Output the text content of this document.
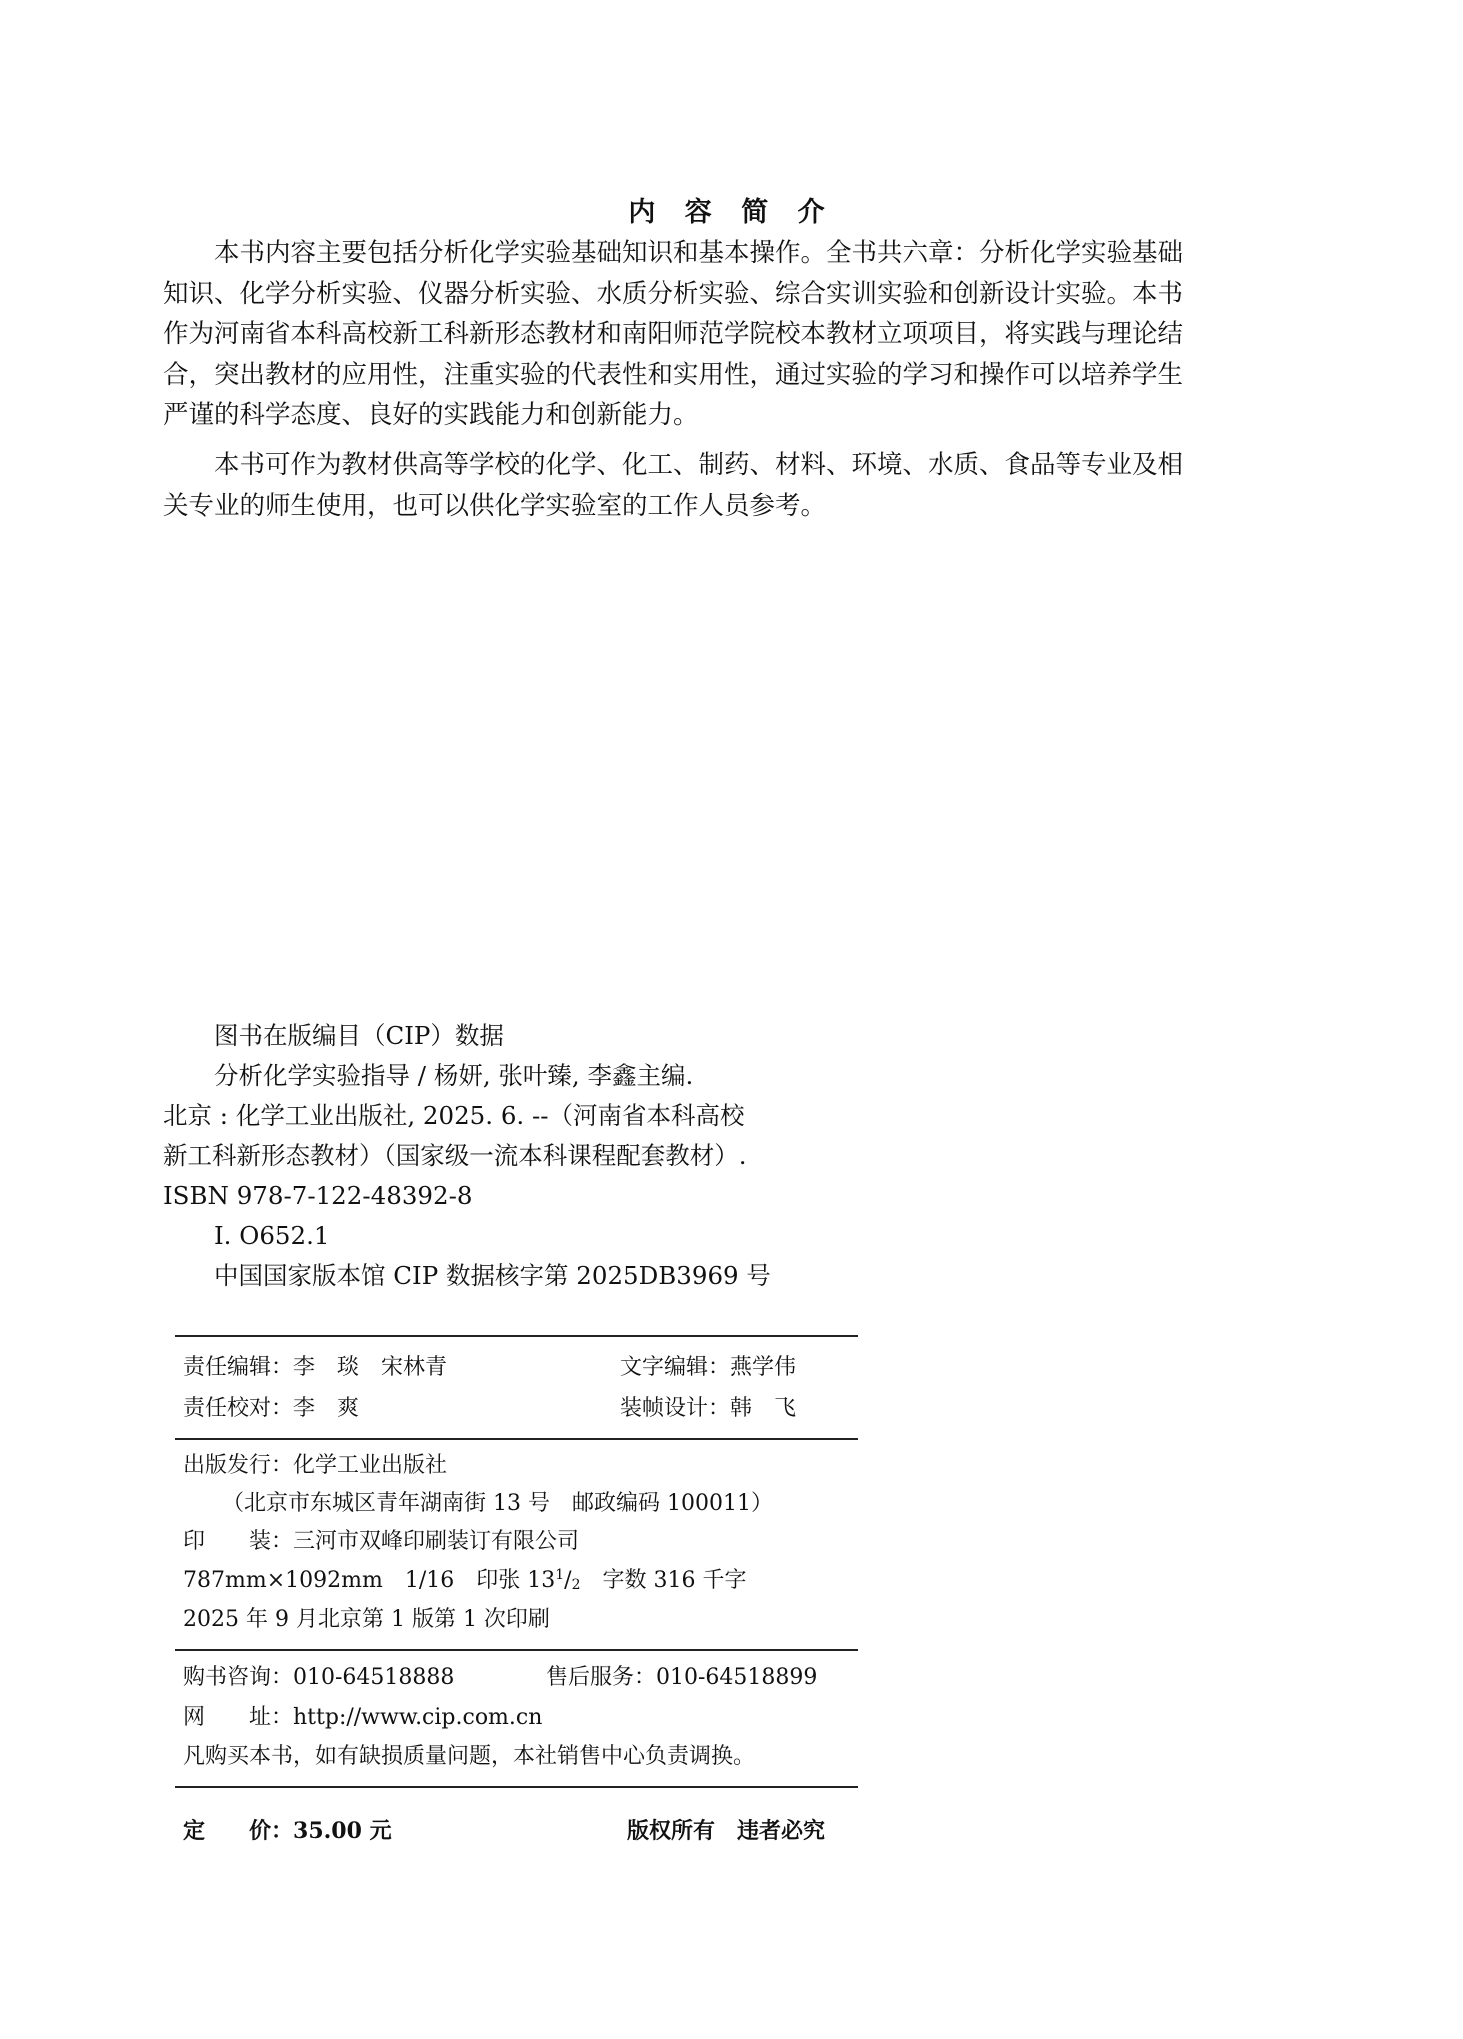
内 容 简 介
本书内容主要包括分析化学实验基础知识和基本操作。全书共六章：分析化学实验基础
知识、化学分析实验、仪器分析实验、水质分析实验、综合实训实验和创新设计实验。本书
作为河南省本科高校新工科新形态教材和南阳师范学院校本教材立项项目，将实践与理论结
合，突出教材的应用性，注重实验的代表性和实用性，通过实验的学习和操作可以培养学生
严谨的科学态度、良好的实践能力和创新能力。
本书可作为教材供高等学校的化学、化工、制药、材料、环境、水质、食品等专业及相
关专业的师生使用，也可以供化学实验室的工作人员参考。
图书在版编目（CIP）数据
分析化学实验指导 / 杨妍, 张叶臻, 李鑫主编.
北京 : 化学工业出版社, 2025. 6. --（河南省本科高校
新工科新形态教材）（国家级一流本科课程配套教材）.
ISBN 978-7-122-48392-8
Ⅰ. O652.1
中国国家版本馆 CIP 数据核字第 2025DB3969 号
责任编辑：李　琰　宋林青	文字编辑：燕学伟
责任校对：李　爽	装帧设计：韩　飞
出版发行：化学工业出版社
（北京市东城区青年湖南街 13 号　邮政编码 100011）
印　　装：三河市双峰印刷装订有限公司
787mm×1092mm　1/16　印张 $13^1/_2$　字数 316 千字
2025 年 9 月北京第 1 版第 1 次印刷
购书咨询：010-64518888	售后服务：010-64518899
网　　址：http://www.cip.com.cn
凡购买本书，如有缺损质量问题，本社销售中心负责调换。
定　　价：35.00 元	版权所有　违者必究
